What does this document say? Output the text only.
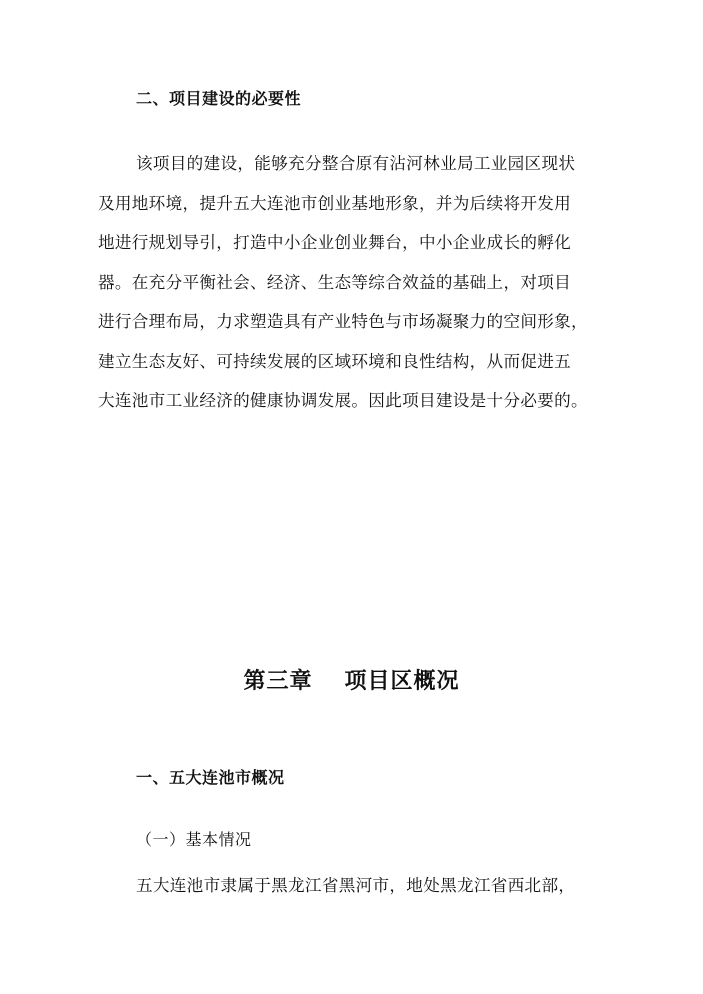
二、项目建设的必要性
该项目的建设，能够充分整合原有沾河林业局工业园区现状
及用地环境，提升五大连池市创业基地形象，并为后续将开发用
地进行规划导引，打造中小企业创业舞台，中小企业成长的孵化
器。在充分平衡社会、经济、生态等综合效益的基础上，对项目
进行合理布局，力求塑造具有产业特色与市场凝聚力的空间形象，
建立生态友好、可持续发展的区域环境和良性结构，从而促进五
大连池市工业经济的健康协调发展。因此项目建设是十分必要的。
第三章 项目区概况
一、五大连池市概况
（一）基本情况
五大连池市隶属于黑龙江省黑河市，地处黑龙江省西北部，
